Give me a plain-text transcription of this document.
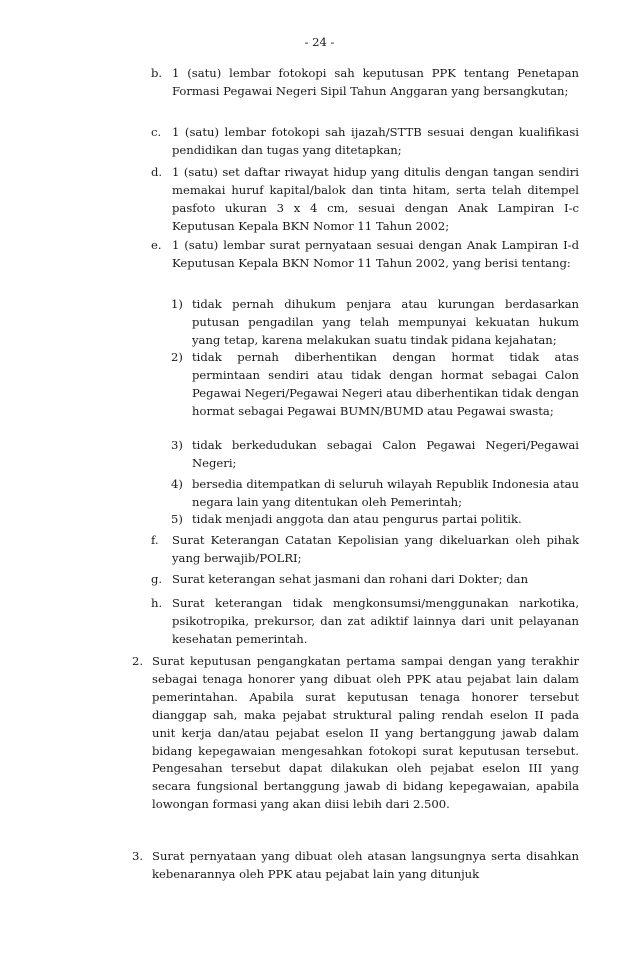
- 24 -
b. 1 (satu) lembar fotokopi sah keputusan PPK tentang Penetapan Formasi Pegawai Negeri Sipil Tahun Anggaran yang bersangkutan;
c. 1 (satu) lembar fotokopi sah ijazah/STTB sesuai dengan kualifikasi pendidikan dan tugas yang ditetapkan;
d. 1 (satu) set daftar riwayat hidup yang ditulis dengan tangan sendiri memakai huruf kapital/balok dan tinta hitam, serta telah ditempel pasfoto ukuran 3 x 4 cm, sesuai dengan Anak Lampiran I-c Keputusan Kepala BKN Nomor 11 Tahun 2002;
e. 1 (satu) lembar surat pernyataan sesuai dengan Anak Lampiran I-d Keputusan Kepala BKN Nomor 11 Tahun 2002, yang berisi tentang:
1) tidak pernah dihukum penjara atau kurungan berdasarkan putusan pengadilan yang telah mempunyai kekuatan hukum yang tetap, karena melakukan suatu tindak pidana kejahatan;
2) tidak pernah diberhentikan dengan hormat tidak atas permintaan sendiri atau tidak dengan hormat sebagai Calon Pegawai Negeri/Pegawai Negeri atau diberhentikan tidak dengan hormat sebagai Pegawai BUMN/BUMD atau Pegawai swasta;
3) tidak berkedudukan sebagai Calon Pegawai Negeri/Pegawai Negeri;
4) bersedia ditempatkan di seluruh wilayah Republik Indonesia atau negara lain yang ditentukan oleh Pemerintah;
5) tidak menjadi anggota dan atau pengurus partai politik.
f. Surat Keterangan Catatan Kepolisian yang dikeluarkan oleh pihak yang berwajib/POLRI;
g. Surat keterangan sehat jasmani dan rohani dari Dokter; dan
h. Surat keterangan tidak mengkonsumsi/menggunakan narkotika, psikotropika, prekursor, dan zat adiktif lainnya dari unit pelayanan kesehatan pemerintah.
2. Surat keputusan pengangkatan pertama sampai dengan yang terakhir sebagai tenaga honorer yang dibuat oleh PPK atau pejabat lain dalam pemerintahan. Apabila surat keputusan tenaga honorer tersebut dianggap sah, maka pejabat struktural paling rendah eselon II pada unit kerja dan/atau pejabat eselon II yang bertanggung jawab dalam bidang kepegawaian mengesahkan fotokopi surat keputusan tersebut. Pengesahan tersebut dapat dilakukan oleh pejabat eselon III yang secara fungsional bertanggung jawab di bidang kepegawaian, apabila lowongan formasi yang akan diisi lebih dari 2.500.
3. Surat pernyataan yang dibuat oleh atasan langsungnya serta disahkan kebenarannya oleh PPK atau pejabat lain yang ditunjuk
